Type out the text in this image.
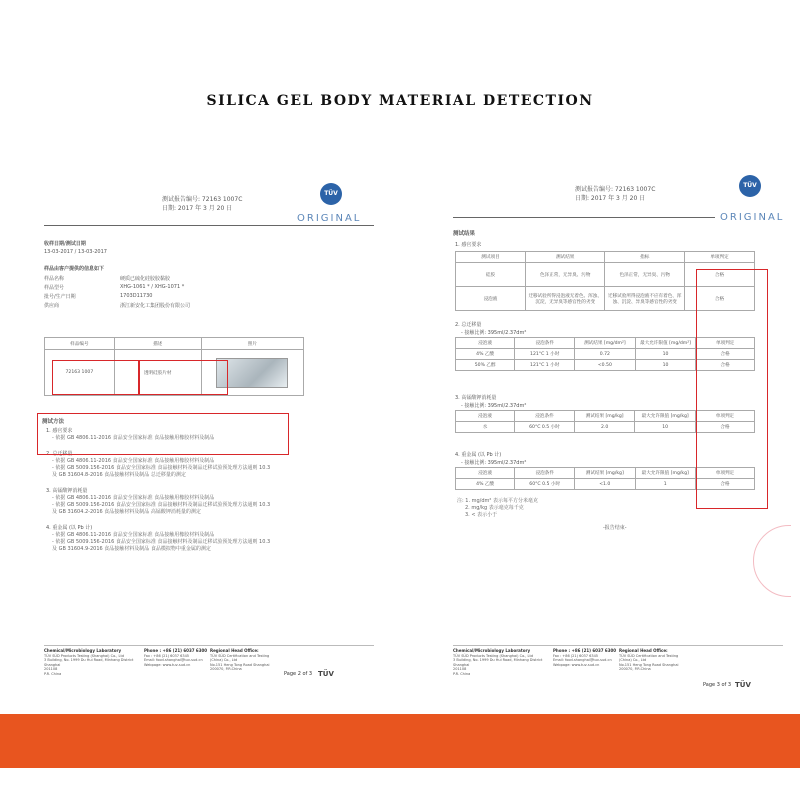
SILICA GEL BODY MATERIAL DETECTION
测试报告编号: 72163 1007C
日期: 2017 年 3 月 20 日
TÜV
ORIGINAL
收样日期/测试日期
13-03-2017 / 13-03-2017
样品由客户提供的信息如下
样品名称	硬质已硫化硅胶胶黏胶
样品型号	XHG-1061 * / XHG-1071 *
批号/生产日期	1703D11730
供应商	浙江新安化工集团股份有限公司
样品编号	描述	照片
72163 1007	透明硅胶片材	
测试方法
1. 感官要求
- 依据 GB 4806.11-2016 食品安全国家标准 食品接触用橡胶材料及制品
2. 总迁移量
- 依据 GB 4806.11-2016 食品安全国家标准 食品接触用橡胶材料及制品
- 依据 GB 5009.156-2016 食品安全国家标准 食品接触材料及制品迁移试验预处理方法通则 10.3
及 GB 31604.8-2016 食品接触材料及制品 总迁移量的测定
3. 高锰酸钾消耗量
- 依据 GB 4806.11-2016 食品安全国家标准 食品接触用橡胶材料及制品
- 依据 GB 5009.156-2016 食品安全国家标准 食品接触材料及制品迁移试验预处理方法通则 10.3
及 GB 31604.2-2016 食品接触材料及制品 高锰酸钾消耗量的测定
4. 重金属 (以 Pb 计)
- 依据 GB 4806.11-2016 食品安全国家标准 食品接触用橡胶材料及制品
- 依据 GB 5009.156-2016 食品安全国家标准 食品接触材料及制品迁移试验预处理方法通则 10.3
及 GB 31604.9-2016 食品接触材料及制品 食品模拟物中重金属的测定
Chemical/Microbiology Laboratory
TÜV SÜD Products Testing (Shanghai) Co., Ltd
3 Building, No. 1999 Du Hui Road, Minhang District
Shanghai
201108
P.R. China
Phone : +86 (21) 6037 6300
Fax : +86 (21) 6037 6345
Email: food.shanghai@tuv-sud.cn
Webpage: www.tuv-sud.cn
Regional Head Office:
TÜV SÜD Certification and Testing
(China) Co., Ltd
No.151 Heng Tong Road Shanghai
200070, P.R.China
Page 2 of 3 TÜV
测试报告编号: 72163 1007C
日期: 2017 年 3 月 20 日
TÜV
ORIGINAL
测试结果
1. 感官要求
测试项目	测试结果	指标	单项判定
硅胶	色泽正常，无异臭、污物	色泽正常，无异臭、污物	合格
浸泡液	迁移试验所得浸泡液无着色、浑浊、沉淀，无异臭等感官性的劣变	迁移试验所得浸泡液不应有着色、浑浊、沉淀、异臭等感官性的劣变	合格
2. 总迁移量
- 接触比例: 395ml/2.37dm²
浸泡液	浸泡条件	测试结果 [mg/dm²]	最大允许限值 [mg/dm²]	单项判定
4% 乙酸	121°C 1 小时	0.72	10	合格
50% 乙醇	121°C 1 小时	<0.50	10	合格
3. 高锰酸钾消耗量
- 接触比例: 395ml/2.37dm²
浸泡液	浸泡条件	测试结果 [mg/kg]	最大允许限值 [mg/kg]	单项判定
水	60°C 0.5 小时	2.0	10	合格
4. 重金属 (以 Pb 计)
- 接触比例: 395ml/2.37dm²
浸泡液	浸泡条件	测试结果 [mg/kg]	最大允许限值 [mg/kg]	单项判定
4% 乙酸	60°C 0.5 小时	<1.0	1	合格
注: 1. mg/dm² 表示每平方分米毫克
2. mg/kg 表示毫克每千克
3. < 表示小于
-报告结束-
Chemical/Microbiology Laboratory
TÜV SÜD Products Testing (Shanghai) Co., Ltd
3 Building, No. 1999 Du Hui Road, Minhang District
Shanghai
201108
P.R. China
Phone : +86 (21) 6037 6300
Fax : +86 (21) 6037 6345
Email: food.shanghai@tuv-sud.cn
Webpage: www.tuv-sud.cn
Regional Head Office:
TÜV SÜD Certification and Testing
(China) Co., Ltd
No.151 Heng Tong Road Shanghai
200070, P.R.China
Page 3 of 3 TÜV
